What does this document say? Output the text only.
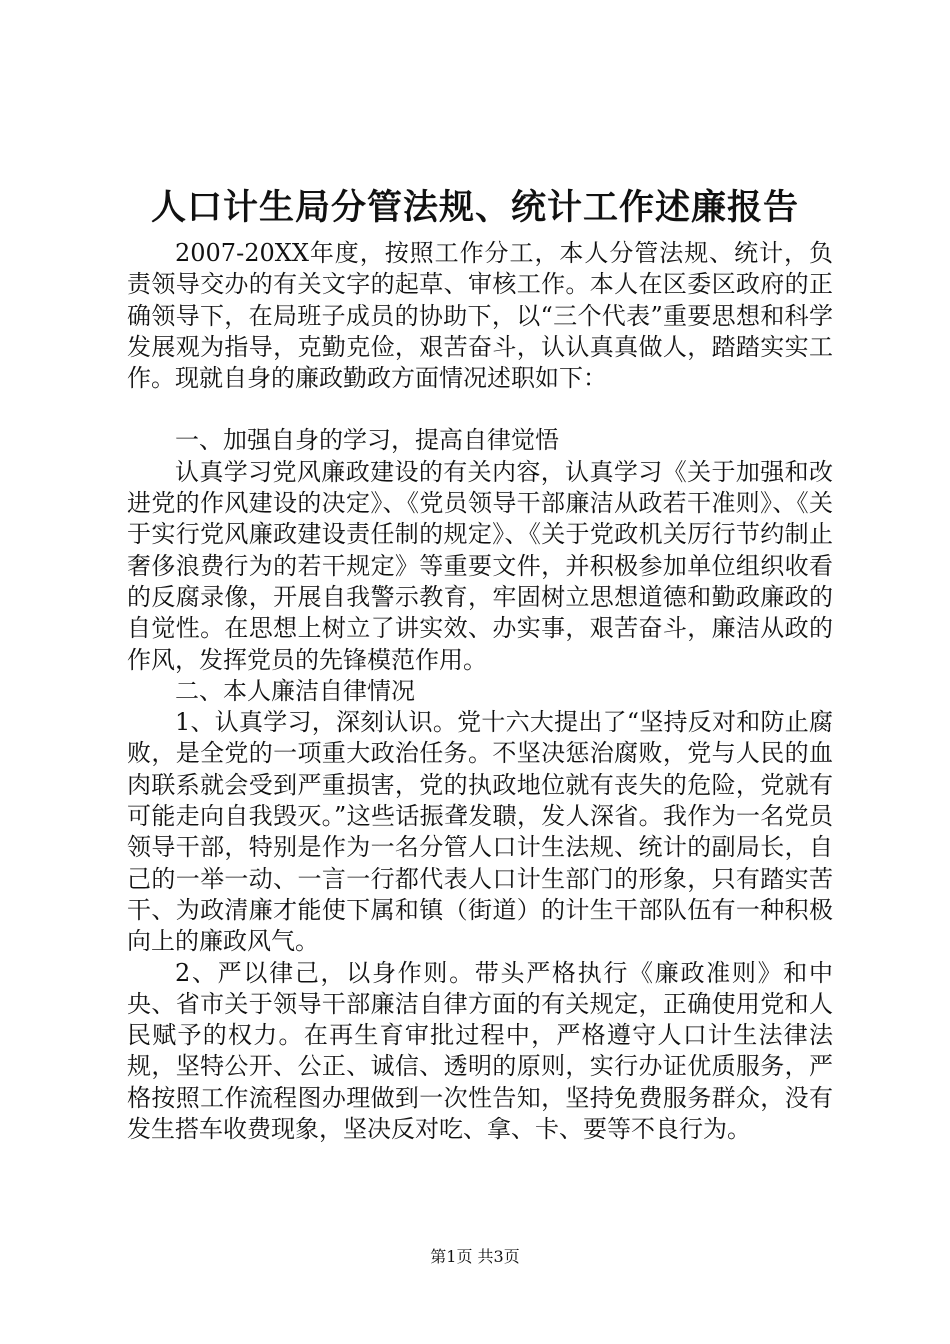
人口计生局分管法规、统计工作述廉报告

2007-20XX年度，按照工作分工，本人分管法规、统计，负责领导交办的有关文字的起草、审核工作。本人在区委区政府的正确领导下，在局班子成员的协助下，以“三个代表”重要思想和科学发展观为指导，克勤克俭，艰苦奋斗，认认真真做人，踏踏实实工作。现就自身的廉政勤政方面情况述职如下：

一、加强自身的学习，提高自律觉悟

认真学习党风廉政建设的有关内容，认真学习《关于加强和改进党的作风建设的决定》、《党员领导干部廉洁从政若干准则》、《关于实行党风廉政建设责任制的规定》、《关于党政机关厉行节约制止奢侈浪费行为的若干规定》等重要文件，并积极参加单位组织收看的反腐录像，开展自我警示教育，牢固树立思想道德和勤政廉政的自觉性。在思想上树立了讲实效、办实事，艰苦奋斗，廉洁从政的作风，发挥党员的先锋模范作用。

二、本人廉洁自律情况

1、认真学习，深刻认识。党十六大提出了“坚持反对和防止腐败，是全党的一项重大政治任务。不坚决惩治腐败，党与人民的血肉联系就会受到严重损害，党的执政地位就有丧失的危险，党就有可能走向自我毁灭。”这些话振聋发聩，发人深省。我作为一名党员领导干部，特别是作为一名分管人口计生法规、统计的副局长，自己的一举一动、一言一行都代表人口计生部门的形象，只有踏实苦干、为政清廉才能使下属和镇（街道）的计生干部队伍有一种积极向上的廉政风气。

2、严以律己，以身作则。带头严格执行《廉政准则》和中央、省市关于领导干部廉洁自律方面的有关规定，正确使用党和人民赋予的权力。在再生育审批过程中，严格遵守人口计生法律法规，坚特公开、公正、诚信、透明的原则，实行办证优质服务，严格按照工作流程图办理做到一次性告知，坚持免费服务群众，没有发生搭车收费现象，坚决反对吃、拿、卡、要等不良行为。

第1页 共3页
